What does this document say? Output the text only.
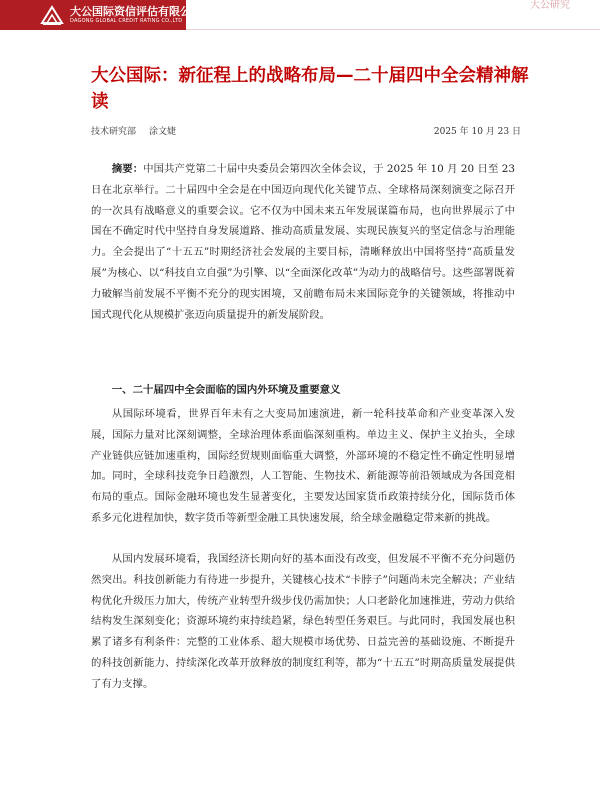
大公国际资信评估有限公司
DAGONG GLOBAL CREDIT RATING CO.,LTD
大公研究
大公国际：新征程上的战略布局—二十届四中全会精神解读
技术研究部 涂文婕	2025 年 10 月 23 日

摘要：中国共产党第二十届中央委员会第四次全体会议，于 2025 年 10 月 20 日至 23 日在北京举行。二十届四中全会是在中国迈向现代化关键节点、全球格局深刻演变之际召开的一次具有战略意义的重要会议。它不仅为中国未来五年发展谋篇布局，也向世界展示了中国在不确定时代中坚持自身发展道路、推动高质量发展、实现民族复兴的坚定信念与治理能力。全会提出了“十五五”时期经济社会发展的主要目标，清晰释放出中国将坚持“高质量发展”为核心、以“科技自立自强”为引擎、以“全面深化改革”为动力的战略信号。这些部署既着力破解当前发展不平衡不充分的现实困境，又前瞻布局未来国际竞争的关键领域，将推动中国式现代化从规模扩张迈向质量提升的新发展阶段。

一、二十届四中全会面临的国内外环境及重要意义

从国际环境看，世界百年未有之大变局加速演进，新一轮科技革命和产业变革深入发展，国际力量对比深刻调整，全球治理体系面临深刻重构。单边主义、保护主义抬头，全球产业链供应链加速重构，国际经贸规则面临重大调整，外部环境的不稳定性不确定性明显增加。同时，全球科技竞争日趋激烈，人工智能、生物技术、新能源等前沿领域成为各国竞相布局的重点。国际金融环境也发生显著变化，主要发达国家货币政策持续分化，国际货币体系多元化进程加快，数字货币等新型金融工具快速发展，给全球金融稳定带来新的挑战。

从国内发展环境看，我国经济长期向好的基本面没有改变，但发展不平衡不充分问题仍然突出。科技创新能力有待进一步提升，关键核心技术“卡脖子”问题尚未完全解决；产业结构优化升级压力加大，传统产业转型升级步伐仍需加快；人口老龄化加速推进，劳动力供给结构发生深刻变化；资源环境约束持续趋紧，绿色转型任务艰巨。与此同时，我国发展也积累了诸多有利条件：完整的工业体系、超大规模市场优势、日益完善的基础设施、不断提升的科技创新能力、持续深化改革开放释放的制度红利等，都为“十五五”时期高质量发展提供了有力支撑。
